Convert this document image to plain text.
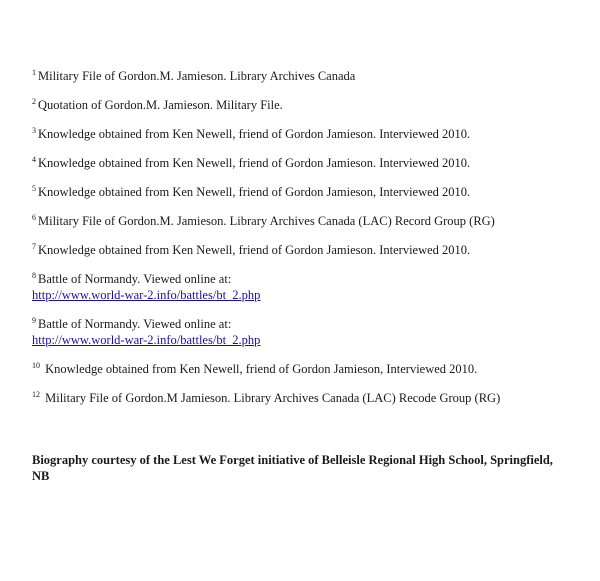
$^1$ Military File of Gordon.M. Jamieson. Library Archives Canada

$^2$ Quotation of Gordon.M. Jamieson. Military File.

$^3$ Knowledge obtained from Ken Newell, friend of Gordon Jamieson. Interviewed 2010.

$^4$ Knowledge obtained from Ken Newell, friend of Gordon Jamieson. Interviewed 2010.

$^5$ Knowledge obtained from Ken Newell, friend of Gordon Jamieson, Interviewed 2010.

$^6$ Military File of Gordon.M. Jamieson. Library Archives Canada (LAC) Record Group (RG)

$^7$ Knowledge obtained from Ken Newell, friend of Gordon Jamieson. Interviewed 2010.

$^8$ Battle of Normandy. Viewed online at:
http://www.world-war-2.info/battles/bt_2.php

$^9$ Battle of Normandy. Viewed online at:
http://www.world-war-2.info/battles/bt_2.php

$^{10}$ Knowledge obtained from Ken Newell, friend of Gordon Jamieson, Interviewed 2010.

$^{12}$ Military File of Gordon.M Jamieson. Library Archives Canada (LAC) Recode Group (RG)

Biography courtesy of the Lest We Forget initiative of Belleisle Regional High School, Springfield, NB
